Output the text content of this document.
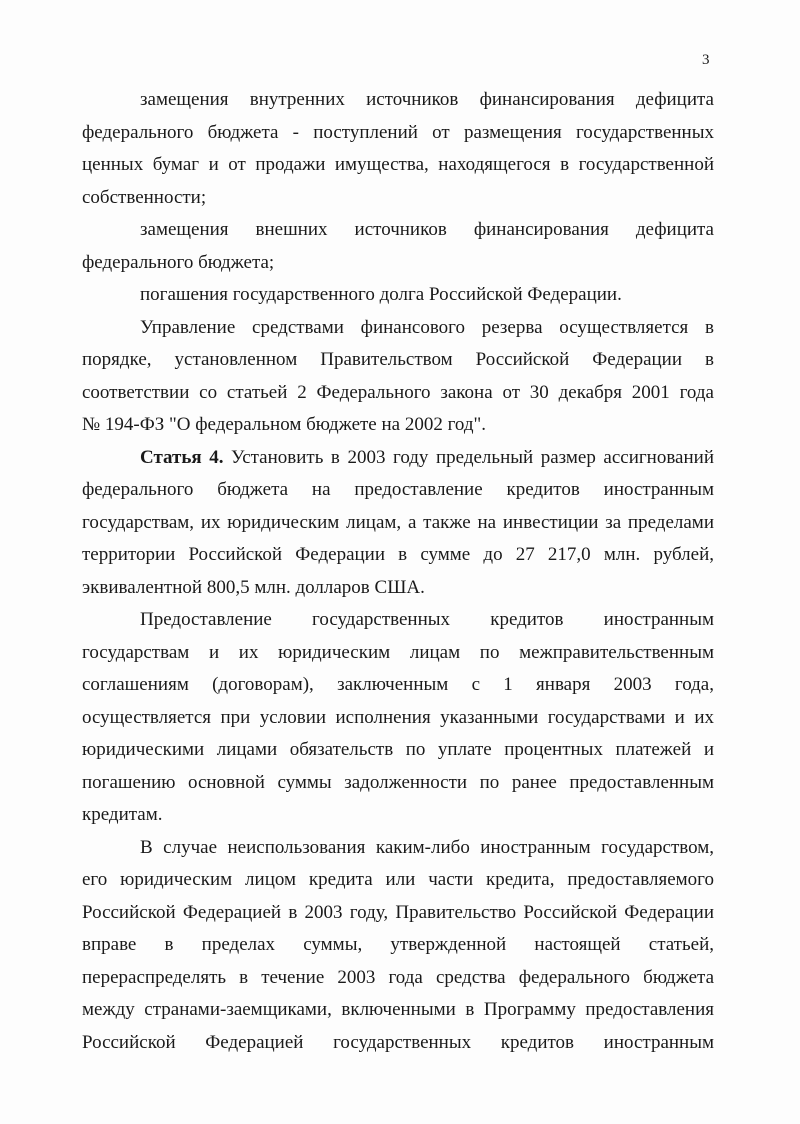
3
замещения внутренних источников финансирования дефицита
федерального бюджета - поступлений от размещения государственных
ценных бумаг и от продажи имущества, находящегося в государственной
собственности;
замещения внешних источников финансирования дефицита
федерального бюджета;
погашения государственного долга Российской Федерации.
Управление средствами финансового резерва осуществляется в
порядке, установленном Правительством Российской Федерации в
соответствии со статьей 2 Федерального закона от 30 декабря 2001 года
№ 194-ФЗ "О федеральном бюджете на 2002 год".
Статья 4. Установить в 2003 году предельный размер ассигнований
федерального бюджета на предоставление кредитов иностранным
государствам, их юридическим лицам, а также на инвестиции за пределами
территории Российской Федерации в сумме до 27 217,0 млн. рублей,
эквивалентной 800,5 млн. долларов США.
Предоставление государственных кредитов иностранным
государствам и их юридическим лицам по межправительственным
соглашениям (договорам), заключенным с 1 января 2003 года,
осуществляется при условии исполнения указанными государствами и их
юридическими лицами обязательств по уплате процентных платежей и
погашению основной суммы задолженности по ранее предоставленным
кредитам.
В случае неиспользования каким-либо иностранным государством,
его юридическим лицом кредита или части кредита, предоставляемого
Российской Федерацией в 2003 году, Правительство Российской Федерации
вправе в пределах суммы, утвержденной настоящей статьей,
перераспределять в течение 2003 года средства федерального бюджета
между странами-заемщиками, включенными в Программу предоставления
Российской Федерацией государственных кредитов иностранным
